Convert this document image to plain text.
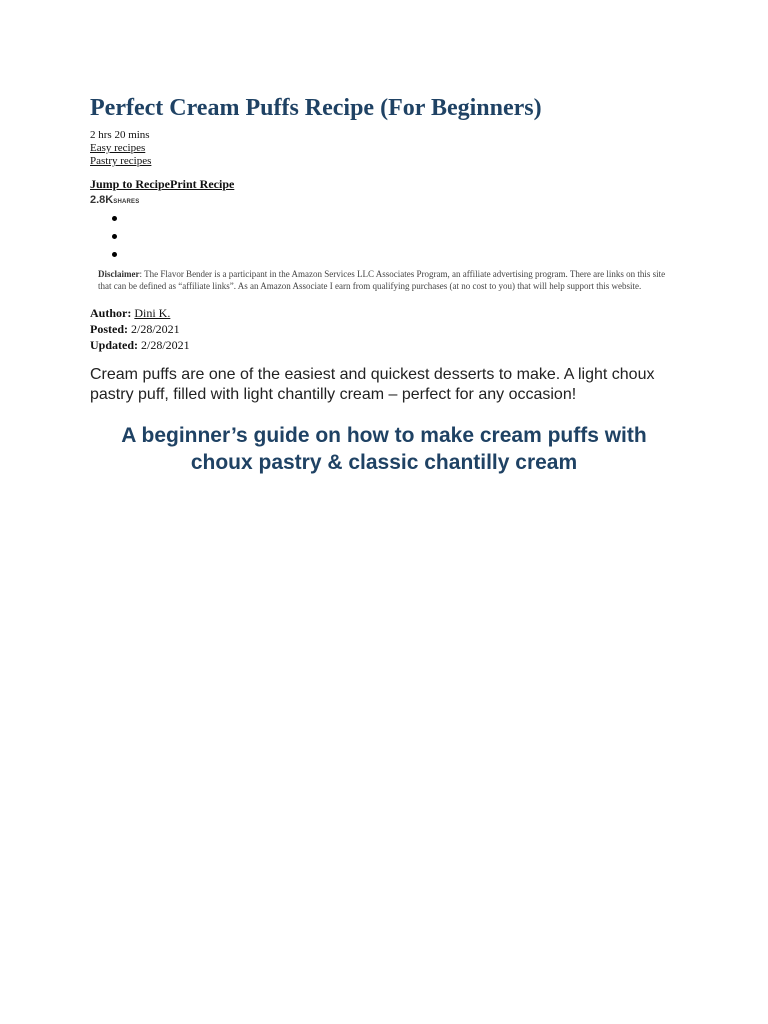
Perfect Cream Puffs Recipe (For Beginners)
2 hrs 20 mins
Easy recipes
Pastry recipes
Jump to RecipePrint Recipe
2.8KSHARES
Disclaimer: The Flavor Bender is a participant in the Amazon Services LLC Associates Program, an affiliate advertising program. There are links on this site that can be defined as “affiliate links”. As an Amazon Associate I earn from qualifying purchases (at no cost to you) that will help support this website.
Author: Dini K.
Posted: 2/28/2021
Updated: 2/28/2021

Cream puffs are one of the easiest and quickest desserts to make. A light choux pastry puff, filled with light chantilly cream – perfect for any occasion!

A beginner’s guide on how to make cream puffs with choux pastry & classic chantilly cream
